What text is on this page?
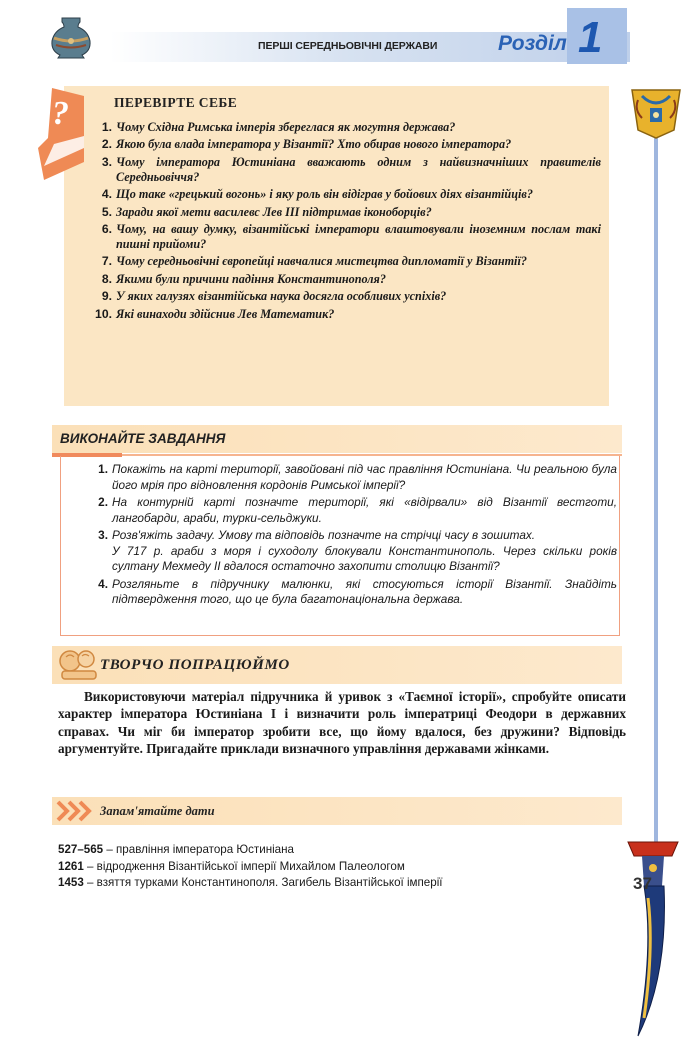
ПЕРШІ СЕРЕДНЬОВІЧНІ ДЕРЖАВИ	Розділ 1
?	ПЕРЕВІРТЕ СЕБЕ
1. Чому Східна Римська імперія збереглася як могутня держава?
2. Якою була влада імператора у Візантії? Хто обирав нового імператора?
3. Чому імператора Юстиніана вважають одним з найвизначніших правителів Середньовіччя?
4. Що таке «грецький вогонь» і яку роль він відіграв у бойових діях візантійців?
5. Заради якої мети василевс Лев III підтримав іконоборців?
6. Чому, на вашу думку, візантійські імператори влаштовували іноземним послам такі пишні прийоми?
7. Чому середньовічні європейці навчалися мистецтва дипломатії у Візантії?
8. Якими були причини падіння Константинополя?
9. У яких галузях візантійська наука досягла особливих успіхів?
10. Які винаходи здійснив Лев Математик?
ВИКОНАЙТЕ ЗАВДАННЯ
1. Покажіть на карті території, завойовані під час правління Юстиніана. Чи реальною була його мрія про відновлення кордонів Римської імперії?
2. На контурній карті позначте території, які «відірвали» від Візантії вестготи, лангобарди, араби, турки-сельджуки.
3. Розв'яжіть задачу. Умову та відповідь позначте на стрічці часу в зошитах.
У 717 р. араби з моря і суходолу блокували Константинополь. Через скільки років султану Мехмеду II вдалося остаточно захопити столицю Візантії?
4. Розгляньте в підручнику малюнки, які стосуються історії Візантії. Знайдіть підтвердження того, що це була багатонаціональна держава.
ТВОРЧО ПОПРАЦЮЙМО

Використовуючи матеріал підручника й уривок з «Таємної історії», спробуйте описати характер імператора Юстиніана І і визначити роль імператриці Феодори в державних справах. Чи міг би імператор зробити все, що йому вдалося, без дружини? Відповідь аргументуйте. Пригадайте приклади визначного управління державами жінками.

Запам'ятайте дати
527–565 – правління імператора Юстиніана
1261 – відродження Візантійської імперії Михайлом Палеологом
1453 – взяття турками Константинополя. Загибель Візантійської імперії	37
